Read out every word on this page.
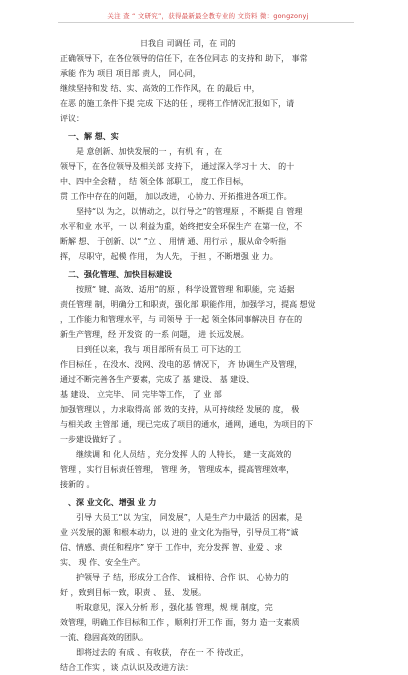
关注 查 “ 文研究”，获得最新最全教专业的 文资料 微：gongzonyj

日我自 司调任 司，在 司的

正确领导下，在各位领导的信任下，在各位同志 的支持和 助下， 事常

承能 作为 项目 项目部 责人， 同心同，

继续坚持和发 结、实、高效的工作作风，在 的最后 中，

在恶 的施工条件下提 完成 下达的任 ，现将工作情况汇报如下，请

评议：

一、解 想、实

是 意创新、加快发展的一 ，有机 有 ，在

领导下，在各位领导及相关部 支持下， 通过深入学习十 大、 的十

中、四中全会精 ， 结 领全体 部职工， 度工作目标，

贯 工作中存在的问题， 加以改进， 心协力、开拓推进各项工作。

坚持“以 为之，以情动之，以行导之”的管理原 ，不断提 自 管理

水平和业 水平，一 以 利益为重，始终把安全环保生产 在第一位，不

断解 想、 于创新、以“ ”立 、 用情 通、用行示 ，服从命令听指

挥， 尽职守，起模 作用， 为人先， 于担 ，不断增强 业 力。

二、强化管理、加快目标建设

按照“ 键、高效、适用”的原 ，科学设置管理 和职能，完 适据

责任管理 制，明确分工和职责，强化部 职能作用，加强学习，提高 想觉

，工作能力和管理水平，与 司领导 于一起 领全体同事解决目 存在的

新生产管理，经 开发资 的一系 问题， 进 长远发展。

日到任以来，我与 项目部所有员工 可下达的工

作目标任 ，在没水、没网、没电的恶 情况下， 齐 协调生产及管理，

通过不断完善各生产要素，完成了 基 建设、 基 建设、

基 建设、 立完毕、 同 完毕等工作， 了 业 部

加强管理以 ，力求取得高 部 效的支持，从可持续经 发展的 度， 极

与相关政 主管部 通，现已完成了项目的通水，通网，通电，为项目的下

一步建设做好了 。

继续调 和 化人员结 ，充分发挥 人的 人特长， 建一支高效的

管理 ，实行目标责任管理， 管理 务， 管理成本，提高管理效率，

接新的 。

、深 业文化、增强 业 力

引导 大员工“以 为宝， 同发展”，人是生产力中最活 的因素，是

业 兴发展的源 和根本动力，以 进的 业文化为指导，引导员工将“诚

信、情感、责任和程序” 穿于 工作中，充分发挥 智、业爱 、求

实、 现 作、安全生产。

护领导 子 结，形成分工合作、 诚相待、合作 识、 心协力的

好 ，致到目标一致，职责 、 显、 发展。

听取意见，深入分析 形 ，强化基 管理，规 规 制度，完

效管理，明确工作目标和工作 ，顺利打开工作 面，努力 造一支素质

一流、稳固高效的团队。

即将过去的 有成 、有收获， 存在一 不 待改正，

结合工作实 ，谈 点认识及改进方法：
